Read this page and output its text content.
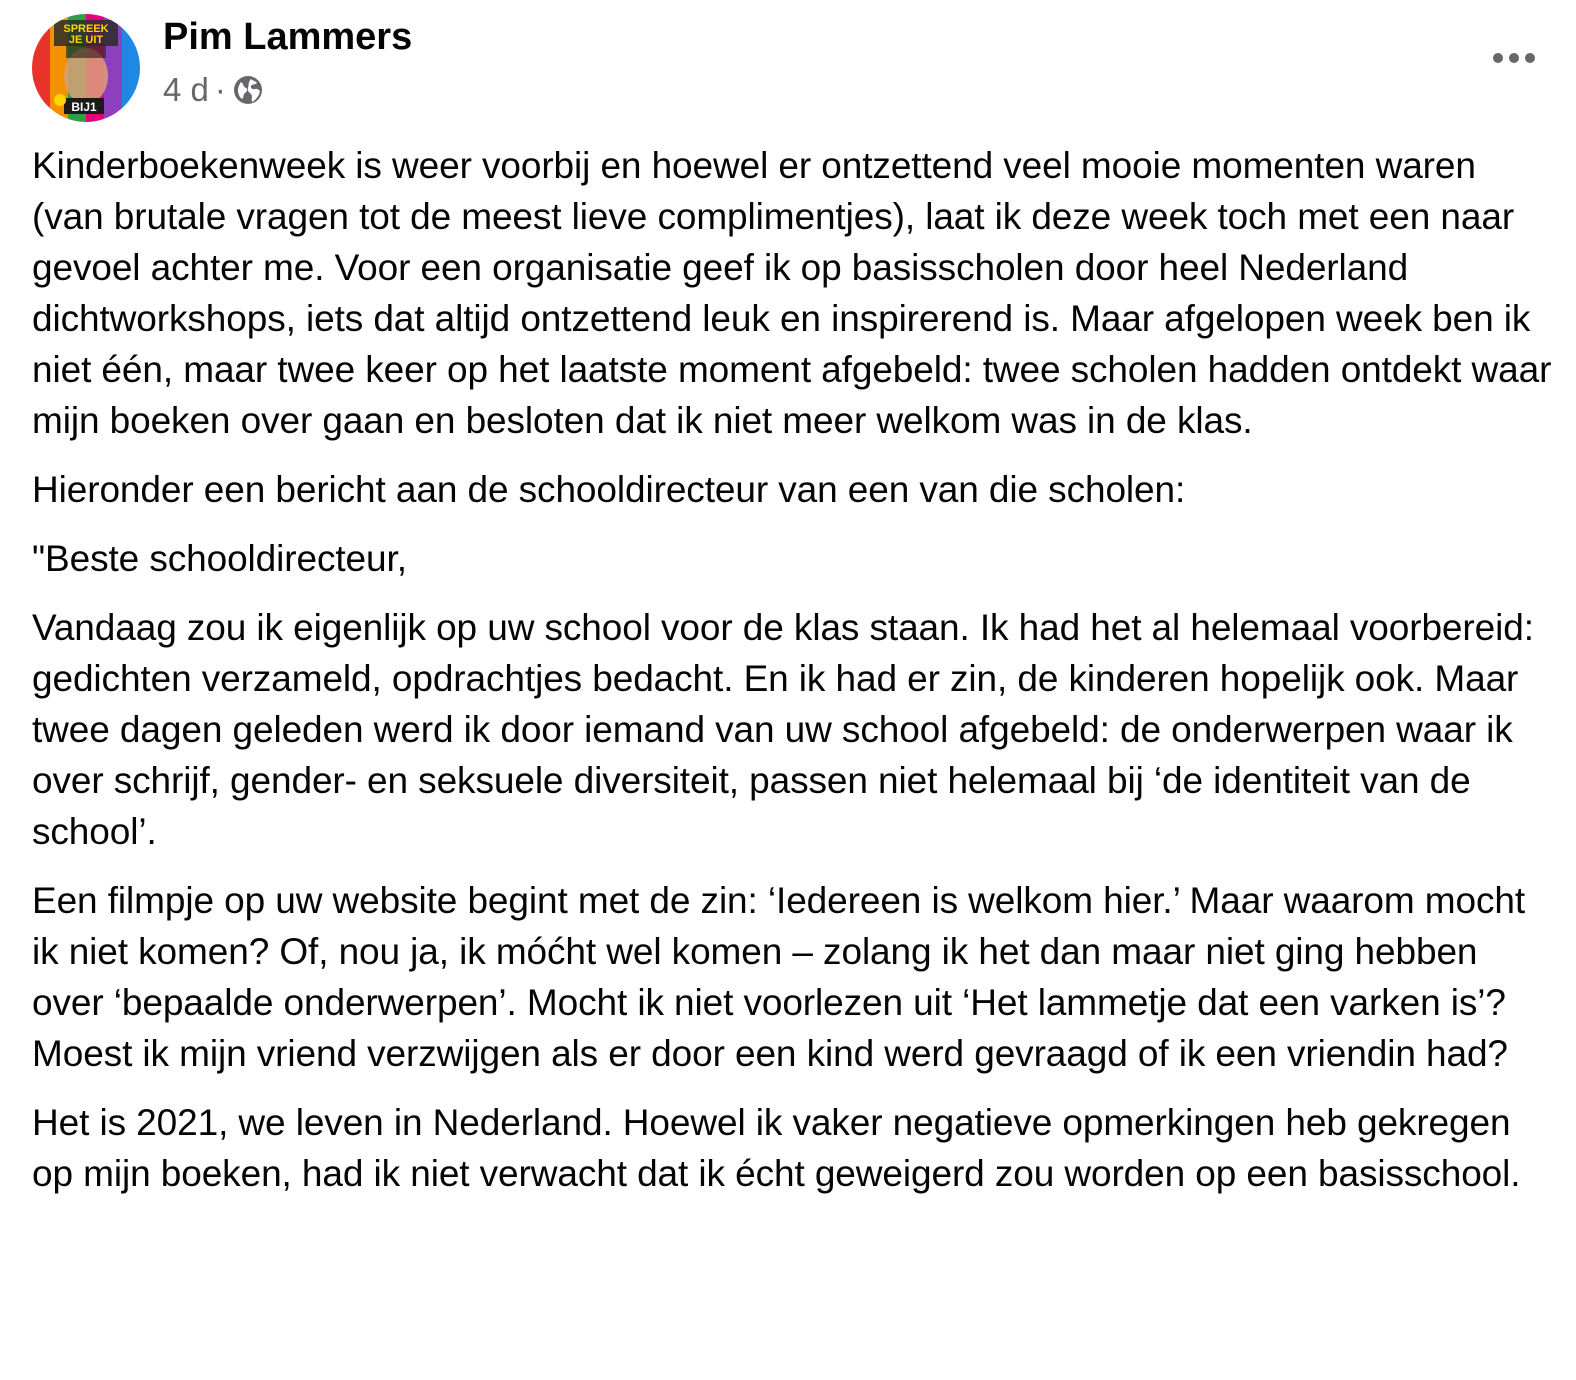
SPREEK
JE UIT
BIJ1
Pim Lammers
4 d ·

Kinderboekenweek is weer voorbij en hoewel er ontzettend veel mooie momenten waren (van brutale vragen tot de meest lieve complimentjes), laat ik deze week toch met een naar gevoel achter me. Voor een organisatie geef ik op basisscholen door heel Nederland dichtworkshops, iets dat altijd ontzettend leuk en inspirerend is. Maar afgelopen week ben ik niet één, maar twee keer op het laatste moment afgebeld: twee scholen hadden ontdekt waar mijn boeken over gaan en besloten dat ik niet meer welkom was in de klas.

Hieronder een bericht aan de schooldirecteur van een van die scholen:

"Beste schooldirecteur,

Vandaag zou ik eigenlijk op uw school voor de klas staan. Ik had het al helemaal voorbereid: gedichten verzameld, opdrachtjes bedacht. En ik had er zin, de kinderen hopelijk ook. Maar twee dagen geleden werd ik door iemand van uw school afgebeld: de onderwerpen waar ik over schrijf, gender- en seksuele diversiteit, passen niet helemaal bij ‘de identiteit van de school’.

Een filmpje op uw website begint met de zin: ‘Iedereen is welkom hier.’ Maar waarom mocht ik niet komen? Of, nou ja, ik móćht wel komen – zolang ik het dan maar niet ging hebben over ‘bepaalde onderwerpen’. Mocht ik niet voorlezen uit ‘Het lammetje dat een varken is’? Moest ik mijn vriend verzwijgen als er door een kind werd gevraagd of ik een vriendin had?

Het is 2021, we leven in Nederland. Hoewel ik vaker negatieve opmerkingen heb gekregen op mijn boeken, had ik niet verwacht dat ik écht geweigerd zou worden op een basisschool.
